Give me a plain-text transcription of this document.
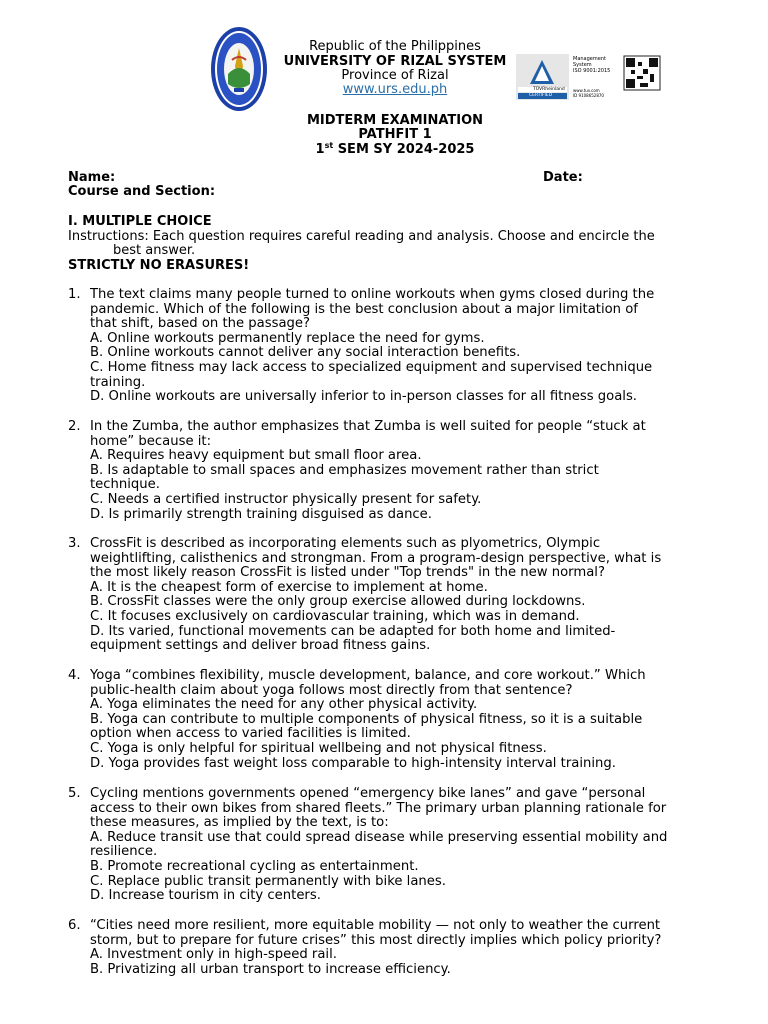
Republic of the Philippines
UNIVERSITY OF RIZAL SYSTEM
Province of Rizal
www.urs.edu.ph	TÜVRheinland
CERTIFIED
Management
System
ISO 9001:2015
www.tuv.com
ID 9108652870
MIDTERM EXAMINATION
PATHFIT 1
1st SEM SY 2024-2025
Name:	Date:
Course and Section:
I. MULTIPLE CHOICE
Instructions: Each question requires careful reading and analysis. Choose and encircle the
best answer.
STRICTLY NO ERASURES!
1. The text claims many people turned to online workouts when gyms closed during the
pandemic. Which of the following is the best conclusion about a major limitation of
that shift, based on the passage?
A. Online workouts permanently replace the need for gyms.
B. Online workouts cannot deliver any social interaction benefits.
C. Home fitness may lack access to specialized equipment and supervised technique
training.
D. Online workouts are universally inferior to in-person classes for all fitness goals.
2. In the Zumba, the author emphasizes that Zumba is well suited for people “stuck at
home” because it:
A. Requires heavy equipment but small floor area.
B. Is adaptable to small spaces and emphasizes movement rather than strict
technique.
C. Needs a certified instructor physically present for safety.
D. Is primarily strength training disguised as dance.
3. CrossFit is described as incorporating elements such as plyometrics, Olympic
weightlifting, calisthenics and strongman. From a program-design perspective, what is
the most likely reason CrossFit is listed under "Top trends" in the new normal?
A. It is the cheapest form of exercise to implement at home.
B. CrossFit classes were the only group exercise allowed during lockdowns.
C. It focuses exclusively on cardiovascular training, which was in demand.
D. Its varied, functional movements can be adapted for both home and limited-
equipment settings and deliver broad fitness gains.
4. Yoga “combines flexibility, muscle development, balance, and core workout.” Which
public-health claim about yoga follows most directly from that sentence?
A. Yoga eliminates the need for any other physical activity.
B. Yoga can contribute to multiple components of physical fitness, so it is a suitable
option when access to varied facilities is limited.
C. Yoga is only helpful for spiritual wellbeing and not physical fitness.
D. Yoga provides fast weight loss comparable to high-intensity interval training.
5. Cycling mentions governments opened “emergency bike lanes” and gave “personal
access to their own bikes from shared fleets.” The primary urban planning rationale for
these measures, as implied by the text, is to:
A. Reduce transit use that could spread disease while preserving essential mobility and
resilience.
B. Promote recreational cycling as entertainment.
C. Replace public transit permanently with bike lanes.
D. Increase tourism in city centers.
6. “Cities need more resilient, more equitable mobility — not only to weather the current
storm, but to prepare for future crises” this most directly implies which policy priority?
A. Investment only in high-speed rail.
B. Privatizing all urban transport to increase efficiency.
